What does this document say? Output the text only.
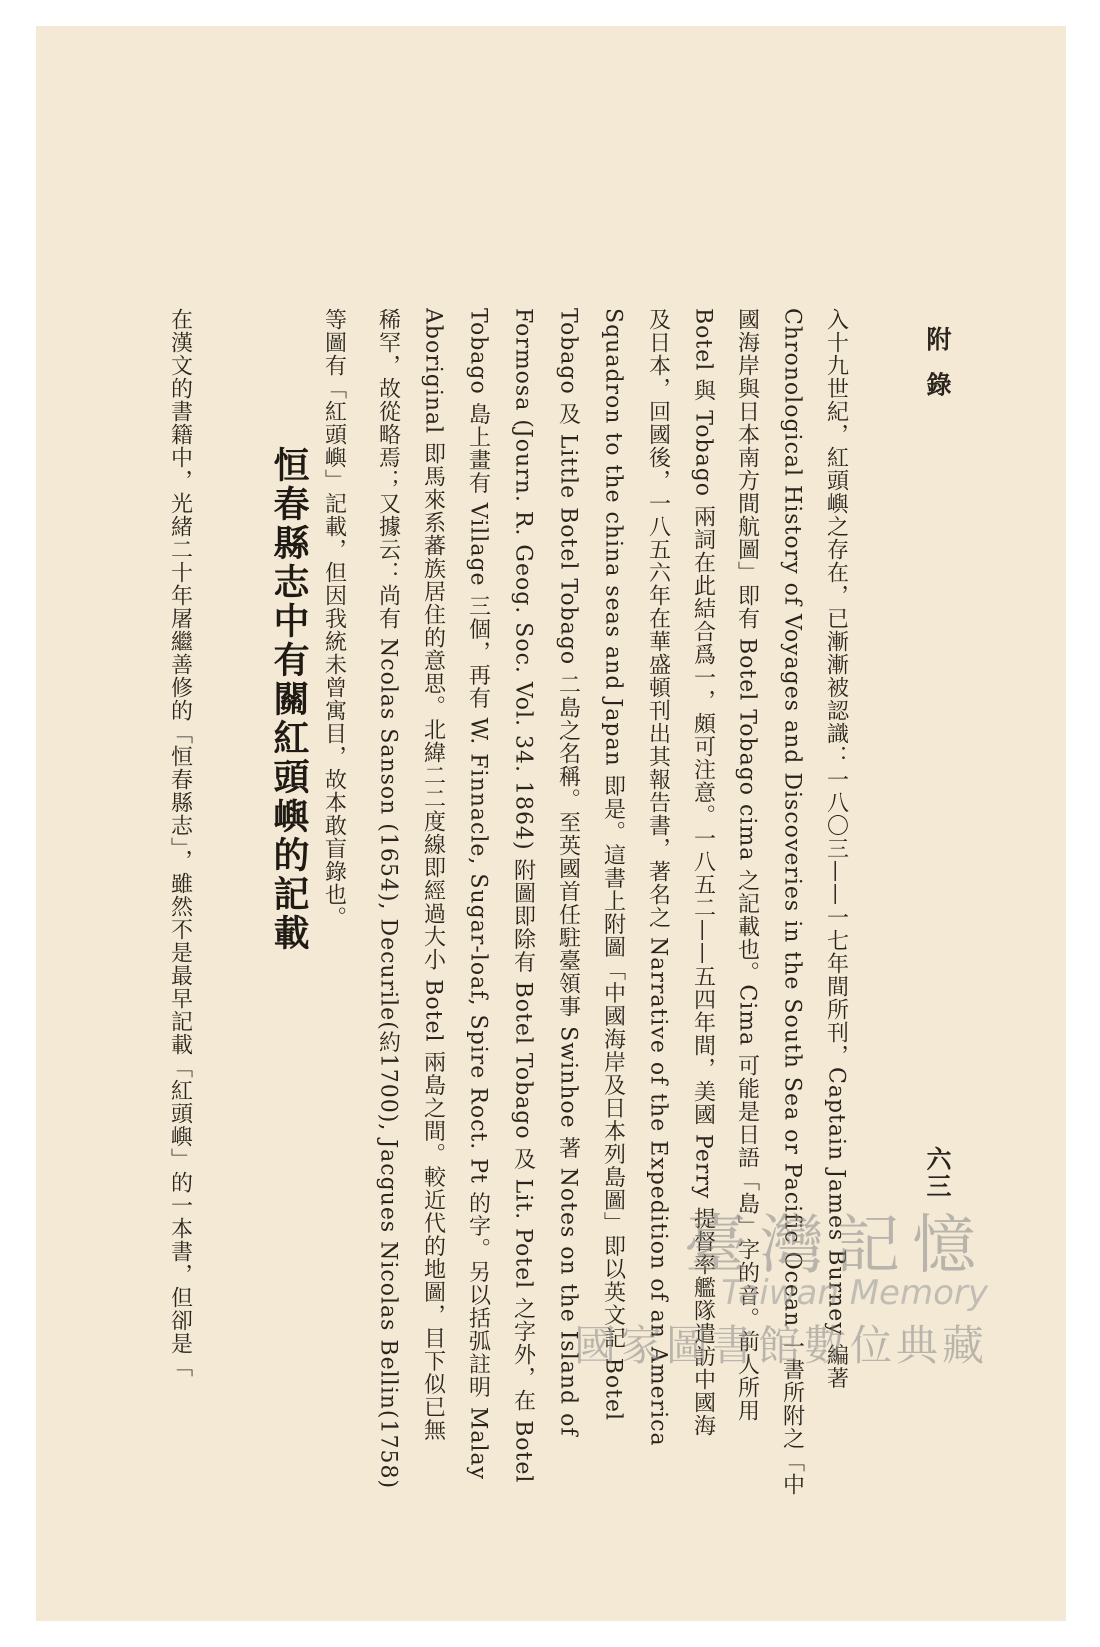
附 錄
六三
入十九世紀，紅頭嶼之存在，已漸漸被認識：一八〇三——一七年間所刊，Captain James Burney 編著
Chronological History of Voyages and Discoveries in the South Sea or Pacific Ocean 一書所附之「中
國海岸與日本南方間航圖」即有 Botel Tobago cima 之記載也。Cima 可能是日語「島」字的音。前人所用
Botel 與 Tobago 兩詞在此結合爲一，頗可注意。一八五二——五四年間，美國 Perry 提督率艦隊遣訪中國海
及日本，回國後，一八五六年在華盛頓刊出其報告書，著名之 Narrative of the Expedition of an America
Squadron to the china seas and Japan 即是。這書上附圖「中國海岸及日本列島圖」即以英文記 Botel
Tobago 及 Little Botel Tobago 二島之名稱。至英國首任駐臺領事 Swinhoe 著 Notes on the Island of
Formosa (Journ. R. Geog. Soc. Vol. 34. 1864) 附圖即除有 Botel Tobago 及 Lit. Potel 之字外，在 Botel
Tobago 島上畫有 Village 三個，再有 W. Finnacle, Sugar-loaf, Spire Roct. Pt 的字。另以括弧註明 Malay
Aboriginal 即馬來系蕃族居住的意思。北緯二二度線即經過大小 Botel 兩島之間。較近代的地圖，目下似已無
稀罕，故從略焉；又據云：尚有 Ncolas Sanson (1654), Decurile(約1700), Jacgues Nicolas Bellin(1758)
等圖有「紅頭嶼」記載，但因我統未曾寓目，故本敢盲錄也。
恒春縣志中有關紅頭嶼的記載
在漢文的書籍中，光緒二十年屠繼善修的「恒春縣志」，雖然不是最早記載「紅頭嶼」的一本書，但卻是「	臺灣記憶
Taiwan Memory
國家圖書館數位典藏
